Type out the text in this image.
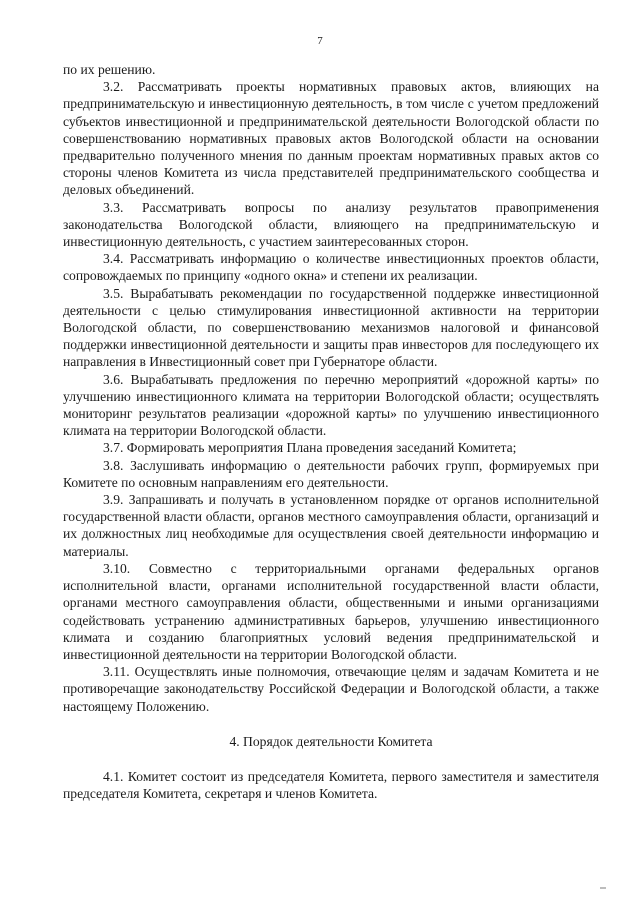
7

по их решению.

3.2. Рассматривать проекты нормативных правовых актов, влияющих на предпринимательскую и инвестиционную деятельность, в том числе с учетом предложений субъектов инвестиционной и предпринимательской деятельности Вологодской области по совершенствованию нормативных правовых актов Вологодской области на основании предварительно полученного мнения по данным проектам нормативных правых актов со стороны членов Комитета из числа представителей предпринимательского сообщества и деловых объединений.

3.3. Рассматривать вопросы по анализу результатов правоприменения законодательства Вологодской области, влияющего на предпринимательскую и инвестиционную деятельность, с участием заинтересованных сторон.

3.4. Рассматривать информацию о количестве инвестиционных проектов области, сопровождаемых по принципу «одного окна» и степени их реализации.

3.5. Вырабатывать рекомендации по государственной поддержке инвестиционной деятельности с целью стимулирования инвестиционной активности на территории Вологодской области, по совершенствованию механизмов налоговой и финансовой поддержки инвестиционной деятельности и защиты прав инвесторов для последующего их направления в Инвестиционный совет при Губернаторе области.

3.6. Вырабатывать предложения по перечню мероприятий «дорожной карты» по улучшению инвестиционного климата на территории Вологодской области; осуществлять мониторинг результатов реализации «дорожной карты» по улучшению инвестиционного климата на территории Вологодской области.

3.7. Формировать мероприятия Плана проведения заседаний Комитета;

3.8. Заслушивать информацию о деятельности рабочих групп, формируемых при Комитете по основным направлениям его деятельности.

3.9. Запрашивать и получать в установленном порядке от органов исполнительной государственной власти области, органов местного самоуправления области, организаций и их должностных лиц необходимые для осуществления своей деятельности информацию и материалы.

3.10. Совместно с территориальными органами федеральных органов исполнительной власти, органами исполнительной государственной власти области, органами местного самоуправления области, общественными и иными организациями содействовать устранению административных барьеров, улучшению инвестиционного климата и созданию благоприятных условий ведения предпринимательской и инвестиционной деятельности на территории Вологодской области.

3.11. Осуществлять иные полномочия, отвечающие целям и задачам Комитета и не противоречащие законодательству Российской Федерации и Вологодской области, а также настоящему Положению.

4. Порядок деятельности Комитета

4.1. Комитет состоит из председателя Комитета, первого заместителя и заместителя председателя Комитета, секретаря и членов Комитета.
